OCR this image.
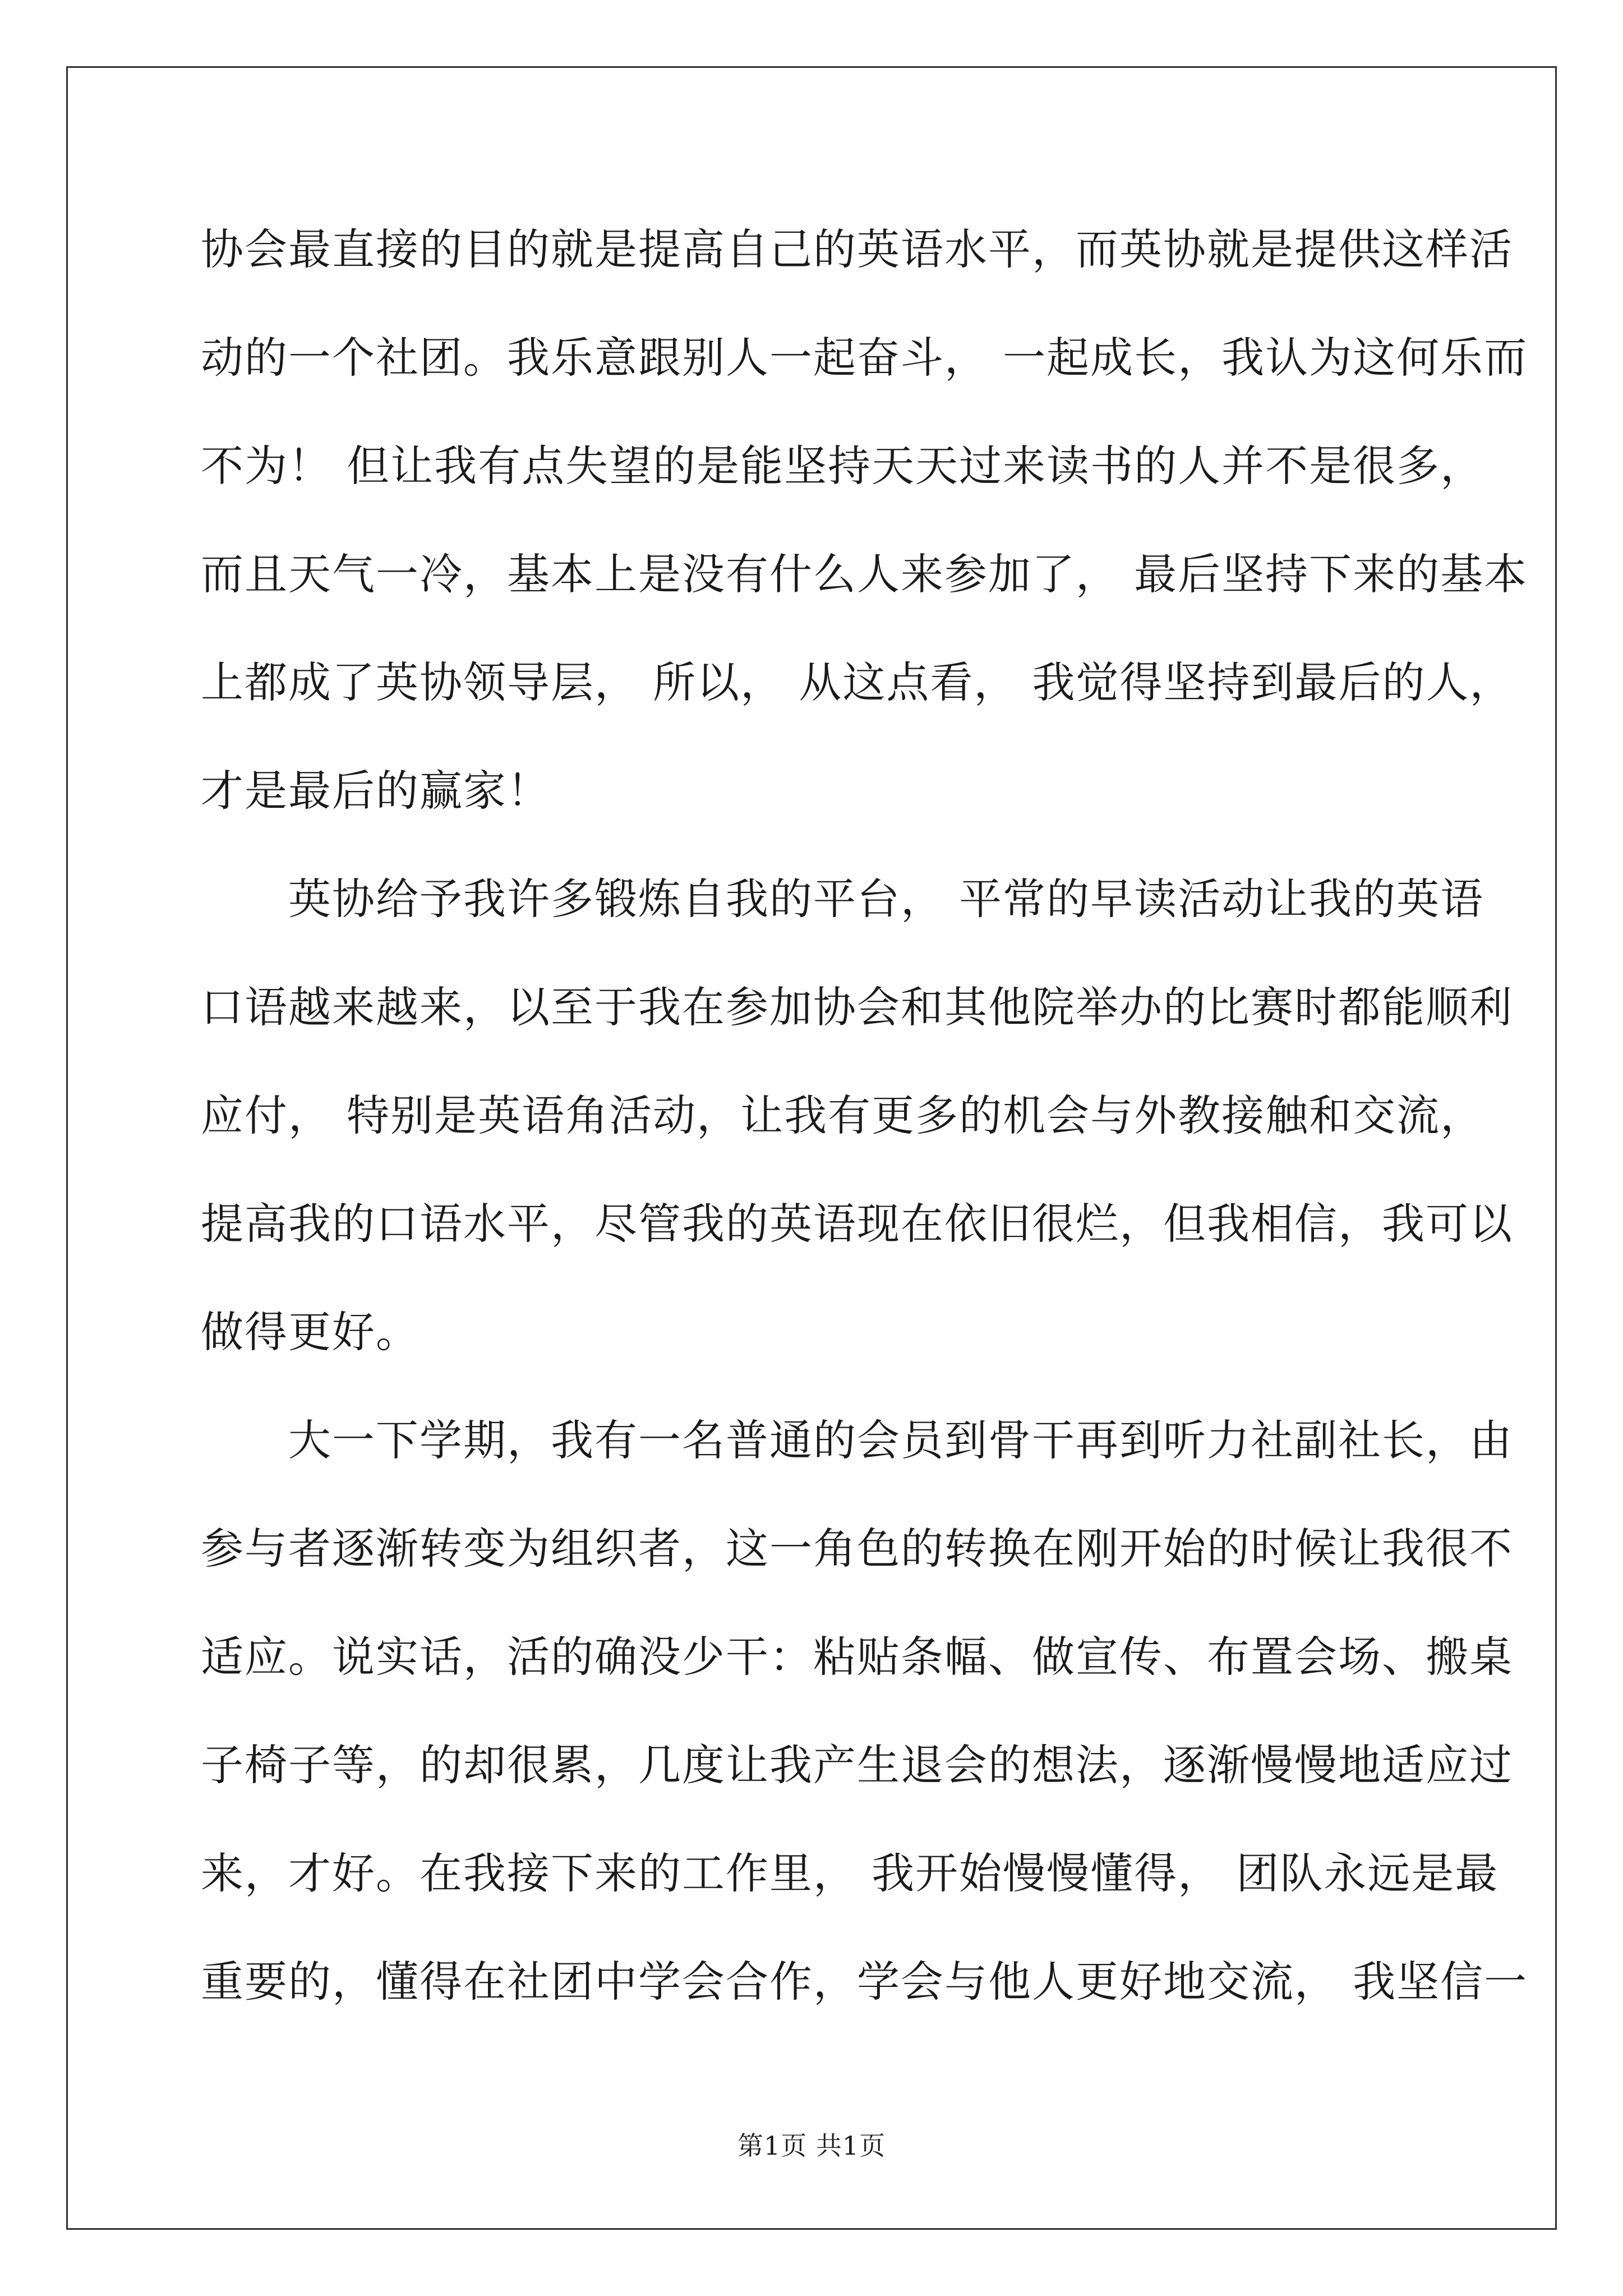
协会最直接的目的就是提高自己的英语水平，而英协就是提供这样活
动的一个社团。我乐意跟别人一起奋斗， 一起成长，我认为这何乐而
不为！ 但让我有点失望的是能坚持天天过来读书的人并不是很多，
而且天气一冷，基本上是没有什么人来参加了， 最后坚持下来的基本
上都成了英协领导层， 所以， 从这点看， 我觉得坚持到最后的人，
才是最后的赢家！
　　英协给予我许多锻炼自我的平台， 平常的早读活动让我的英语
口语越来越来，以至于我在参加协会和其他院举办的比赛时都能顺利
应付， 特别是英语角活动，让我有更多的机会与外教接触和交流，
提高我的口语水平，尽管我的英语现在依旧很烂，但我相信，我可以
做得更好。
　　大一下学期，我有一名普通的会员到骨干再到听力社副社长，由
参与者逐渐转变为组织者，这一角色的转换在刚开始的时候让我很不
适应。说实话，活的确没少干：粘贴条幅、做宣传、布置会场、搬桌
子椅子等，的却很累，几度让我产生退会的想法，逐渐慢慢地适应过
来，才好。在我接下来的工作里， 我开始慢慢懂得， 团队永远是最
重要的，懂得在社团中学会合作，学会与他人更好地交流， 我坚信一
第1页 共1页
